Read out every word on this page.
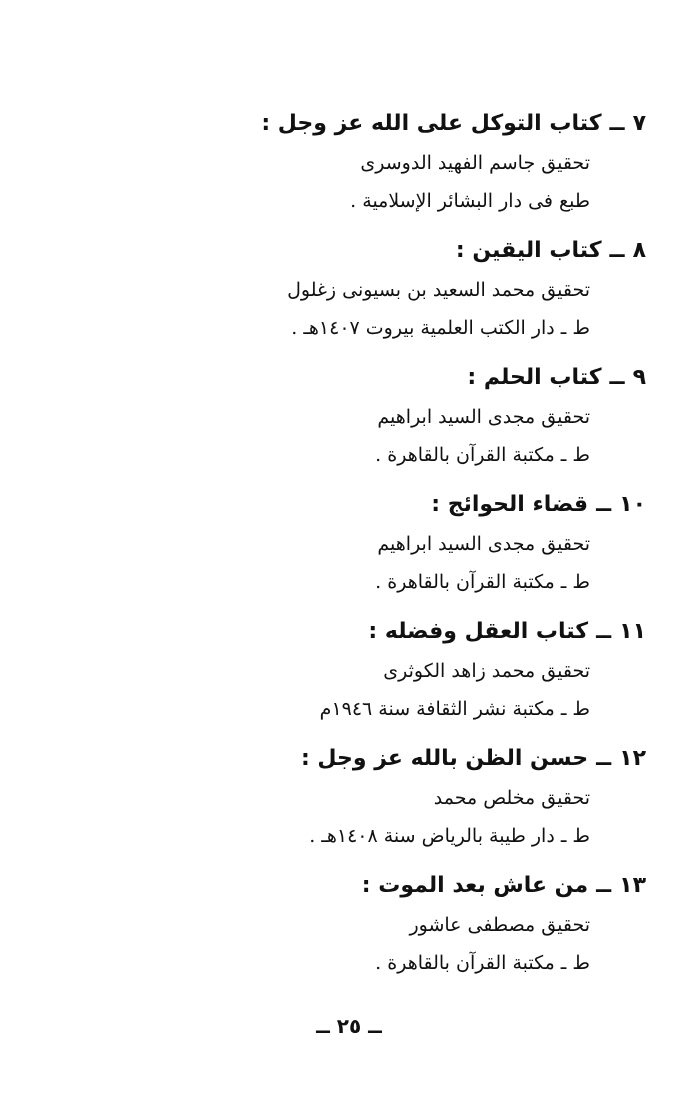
٧ــكتاب التوكل على الله عز وجل :
تحقيق جاسم الفهيد الدوسرى
طبع فى دار البشائر الإسلامية .
٨ــكتاب اليقين :
تحقيق محمد السعيد بن بسيونى زغلول
ط ـ دار الكتب العلمية بيروت ١٤٠٧هـ .
٩ــكتاب الحلم :
تحقيق مجدى السيد ابراهيم
ط ـ مكتبة القرآن بالقاهرة .
١٠ــقضاء الحوائج :
تحقيق مجدى السيد ابراهيم
ط ـ مكتبة القرآن بالقاهرة .
١١ــكتاب العقل وفضله :
تحقيق محمد زاهد الكوثرى
ط ـ مكتبة نشر الثقافة سنة ١٩٤٦م
١٢ــحسن الظن بالله عز وجل :
تحقيق مخلص محمد
ط ـ دار طيبة بالرياض سنة ١٤٠٨هـ .
١٣ــمن عاش بعد الموت :
تحقيق مصطفى عاشور
ط ـ مكتبة القرآن بالقاهرة .
ــ ٢٥ ــ
